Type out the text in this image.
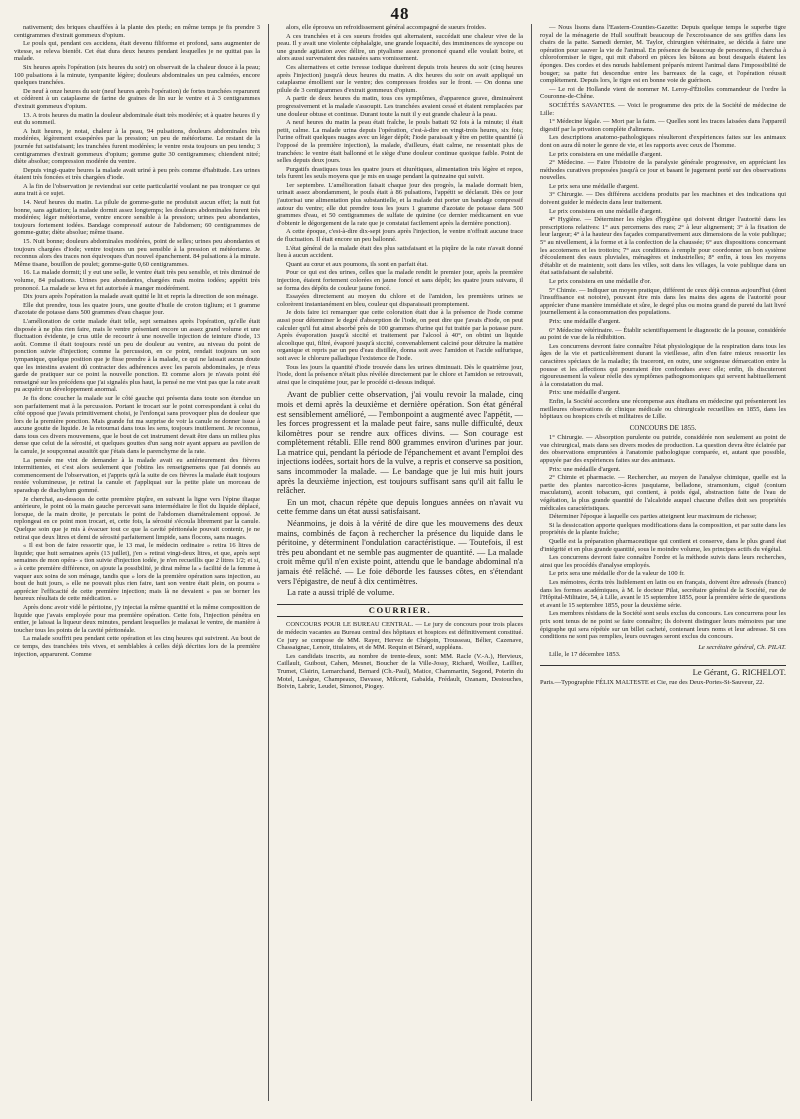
48

nativement; des briques chauffées à la plante des pieds; en même temps je fis prendre 3 centigrammes d'extrait gommeux d'opium.

Le pouls qui, pendant ces accidens, était devenu filiforme et profond, sans augmenter de vitesse, se releva bientôt. Cet état dura deux heures pendant lesquelles je ne quittai pas la malade.

Six heures après l'opération (six heures du soir) on observait de la chaleur douce à la peau; 100 pulsations à la minute, tympanite légère; douleurs abdominales un peu calmées, encore quelques tranchées.

De neuf à onze heures du soir (neuf heures après l'opération) de fortes tranchées reparurent et cédèrent à un cataplasme de farine de graines de lin sur le ventre et à 3 centigrammes d'extrait gommeux d'opium.

13. A trois heures du matin la douleur abdominale était très modérée; et à quatre heures il y eut du sommeil.

A huit heures, je notai, chaleur à la peau, 94 pulsations, douleurs abdominales très modérées, légèrement exaspérées par la pression; un peu de météorisme. Le restant de la journée fut satisfaisant; les tranchées furent modérées; le ventre resta toujours un peu tendu; 3 centigrammes d'extrait gommeux d'opium; gomme gutte 30 centigrammes; chiendent nitré; diète absolue; compression modérée du ventre.

Depuis vingt-quatre heures la malade avait uriné à peu près comme d'habitude. Les urines étaient très foncées et très chargées d'iode.

A la fin de l'observation je reviendrai sur cette particularité voulant ne pas tronquer ce qui aura trait à ce sujet.

14. Neuf heures du matin. La pilule de gomme-gutte ne produisit aucun effet; la nuit fut bonne, sans agitation; la malade dormit assez longtemps; les douleurs abdominales furent très modérées; léger météorisme, ventre encore sensible à la pression; urines peu abondantes, toujours fortement iodées. Bandage compressif autour de l'abdomen; 60 centigrammes de gomme-gutte; diète absolue; même tisane.

15. Nuit bonne; douleurs abdominales modérées, point de selles; urines peu abondantes et toujours chargées d'iode; ventre toujours un peu sensible à la pression et météorisme. Je reconnus alors des traces non équivoques d'un nouvel épanchement. 84 pulsations à la minute. Même tisane, bouillon de poulet; gomme-gutte 0,60 centigrammes.

16. La malade dormit; il y eut une selle, le ventre était très peu sensible, et très diminué de volume, 84 pulsations. Urines peu abondantes, chargées mais moins iodées; appétit très prononcé. La malade se leva et fut autorisée à manger modérément.

Dix jours après l'opération la malade avait quitté le lit et repris la direction de son ménage.

Elle dut prendre, tous les quatre jours, une goutte d'huile de croton tiglium; et 1 gramme d'azotate de potasse dans 500 grammes d'eau chaque jour.

L'amélioration de cette malade était telle, sept semaines après l'opération, qu'elle était disposée à ne plus rien faire, mais le ventre présentant encore un assez grand volume et une fluctuation évidente, je crus utile de recourir à une nouvelle injection de teinture d'iode, 13 août. Comme il était toujours resté un peu de douleur au ventre, au niveau du point de ponction suivie d'injection; comme la percussion, en ce point, rendait toujours un son tympanique, quelque position que je fisse prendre à la malade, ce qui ne laissait aucun doute que les intestins avaient dû contracter des adhérences avec les parois abdominales, je n'eus garde de pratiquer sur ce point la nouvelle ponction. Et comme alors je n'avais point été renseigné sur les précédens que j'ai signalés plus haut, la pensé ne me vint pas que la rate avait pu acquérir un développement anormal.

Je fis donc coucher la malade sur le côté gauche qui présenta dans toute son étendue un son parfaitement mat à la percussion. Portant le trocart sur le point correspondant à celui du côté opposé que j'avais primitivement choisi, je l'enfonçai sans provoquer plus de douleur que lors de la première ponction. Mais grande fut ma surprise de voir la canule ne donner issue à aucune goutte de liquide. Je la retournai dans tous les sens, toujours inutilement. Je reconnus, dans tous ces divers mouvemens, que le bout de cet instrument devait être dans un milieu plus dense que celui de la sérosité, et quelques gouttes d'un sang noir ayant apparu au pavillon de la canule, je soupçonnai aussitôt que j'étais dans le parenchyme de la rate.

La pensée me vint de demander à la malade avait eu antérieurement des fièvres intermittentes, et c'est alors seulement que j'obtins les renseignemens que j'ai donnés au commencement de l'observation, et j'appris qu'à la suite de ces fièvres la malade était toujours restée volumineuse, je retirai la canule et j'appliquai sur la petite plaie un morceau de sparadrap de diachylum gommé.

Je cherchai, au-dessous de cette première piqûre, en suivant la ligne vers l'épine iliaque antérieure, le point où la main gauche percevait sans intermédiaire le flot du liquide déplacé, lorsque, de la main droite, je percutais le point de l'abdomen diamétralement opposé. Je replongeai en ce point mon trocart, et, cette fois, la sérosité s'écoula librement par la canule. Quelque soin que je mis à évacuer tout ce que la cavité péritonéale pouvait contenir, je ne retirai que deux litres et demi de sérosité parfaitement limpide, sans flocons, sans nuages.

« Il est bon de faire ressortir que, le 13 mai, le médecin ordinaire » retira 16 litres de liquide; que huit semaines après (13 juillet), j'en » retirai vingt-deux litres, et que, après sept semaines de mon opéra- » tion suivie d'injection iodée, je n'en recueillis que 2 litres 1/2; et si, » à cette première différence, on ajoute la possibilité, je dirai même la » facilité de la femme à vaquer aux soins de son ménage, tandis que » lors de la première opération sans injection, au bout de huit jours, » elle ne pouvait plus rien faire, tant son ventre était plein, on pourra » apprécier l'efficacité de cette première injection; mais là ne devaient » pas se borner les heureux résultats de cette médication. »

Après donc avoir vidé le péritoine, j'y injectai la même quantité et la même composition de liquide que j'avais employée pour ma première opération. Cette fois, l'injection pénétra en entier, je laissai la liqueur deux minutes, pendant lesquelles je malaxai le ventre, de manière à toucher tous les points de la cavité péritonéale.

La malade souffrit peu pendant cette opération et les cinq heures qui suivirent. Au bout de ce temps, des tranchées très vives, et semblables à celles déjà décrites lors de la première injection, apparurent. Comme

alors, elle éprouva un refroidissement général accompagné de sueurs froides.

A ces tranchées et à ces sueurs froides qui alternaient, succédait une chaleur vive de la peau. Il y avait une violente céphalalgie, une grande loquacité, des imminences de syncope ou une grande agitation avec délire, un ptyalisme assez prononcé quand elle voulait boire, et alors aussi survenaient des nausées sans vomissement.

Ces alternatives et cette ivresse iodique durèrent depuis trois heures du soir (cinq heures après l'injection) jusqu'à deux heures du matin. A dix heures du soir on avait appliqué un cataplasme émollient sur le ventre; des compresses froides sur le front. — On donna une pilule de 3 centigrammes d'extrait gommeux d'opium.

A partir de deux heures du matin, tous ces symptômes, d'apparence grave, diminuèrent progressivement et la malade s'assoupit. Les tranchées avaient cessé et étaient remplacées par une douleur obtuse et continue. Durant toute la nuit il y eut grande chaleur à la peau.

A neuf heures du matin la peau était fraîche, le pouls battait 92 fois à la minute; il était petit, calme. La malade urina depuis l'opération, c'est-à-dire en vingt-trois heures, six fois; l'urine offrait quelques nuages avec un léger dépôt; l'iode paraissait y être en petite quantité (à l'opposé de la première injection), la malade, d'ailleurs, était calme, ne ressentait plus de tranchées: le ventre était ballonné et le siège d'une douleur continue quoique faible. Point de selles depuis deux jours.

Purgatifs drastiques tous les quatre jours et diurétiques, alimentation très légère et repos, tels furent les seuls moyens que je mis en usage pendant la quinzaine qui suivit.

1er septembre. L'amélioration faisait chaque jour des progrès, la malade dormait bien, urinait assez abondamment, le pouls était à 86 pulsations, l'appétit se déclarait. Dès ce jour j'autorisai une alimentation plus substantielle, et la malade dut porter un bandage compressif autour du ventre; elle dut prendre tous les jours 1 gramme d'azotate de potasse dans 500 grammes d'eau, et 50 centigrammes de sulfate de quinine (ce dernier médicament en vue d'obtenir le dégorgement de la rate que je constatai facilement après la dernière ponction).

A cette époque, c'est-à-dire dix-sept jours après l'injection, le ventre n'offrait aucune trace de fluctuation. Il était encore un peu ballonné.

L'état général de la malade était des plus satisfaisant et la piqûre de la rate n'avait donné lieu à aucun accident.

Quant au cœur et aux poumons, ils sont en parfait état.

Pour ce qui est des urines, celles que la malade rendit le premier jour, après la première injection, étaient fortement colorées en jaune foncé et sans dépôt; les quatre jours suivans, il se forma des dépôts de couleur jaune foncé.

Essayées directement au moyen du chlore et de l'amidon, les premières urines se colorèrent instantanément en bleu, couleur qui disparaissait promptement.

Je dois faire ici remarquer que cette coloration était due à la présence de l'iode comme aussi pour déterminer le degré d'absorption de l'iode, on peut dire que j'avais d'iode, on peut calculer qu'il fut ainsi absorbé près de 100 grammes d'urine qui fut traitée par la potasse pure. Après évaporation jusqu'à siccité et traitement par l'alcool à 40°, on obtint un liquide alcoolique qui, filtré, évaporé jusqu'à siccité, convenablement calciné pour détruire la matière organique et repris par un peu d'eau distillée, donna soit avec l'amidon et l'acide sulfurique, soit avec le chlorure palladique l'existence de l'iode.

Tous les jours la quantité d'iode trouvée dans les urines diminuait. Dès le quatrième jour, l'iode, dont la présence n'était plus révélée directement par le chlore et l'amidon se retrouvait, ainsi que le cinquième jour, par le procédé ci-dessus indiqué.

Avant de publier cette observation, j'ai voulu revoir la malade, cinq mois et demi après la deuxième et dernière opération. Son état général est sensiblement amélioré, — l'embonpoint a augmenté avec l'appétit, — les forces progressent et la malade peut faire, sans nulle difficulté, deux kilomètres pour se rendre aux offices divins. — Son courage est complètement rétabli. Elle rend 800 grammes environ d'urines par jour. La matrice qui, pendant la période de l'épanchement et avant l'emploi des injections iodées, sortait hors de la vulve, a repris et conserve sa position, sans incommoder la malade. — Le bandage que je lui mis huit jours après la deuxième injection, est toujours suffisant sans qu'il ait fallu le relâcher.

En un mot, chacun répète que depuis longues années on n'avait vu cette femme dans un état aussi satisfaisant.

Néanmoins, je dois à la vérité de dire que les mouvemens des deux mains, combinés de façon à rechercher la présence du liquide dans le péritoine, y déterminent l'ondulation caractéristique. — Toutefois, il est très peu abondant et ne semble pas augmenter de quantité. — La malade croit même qu'il n'en existe point, attendu que le bandage abdominal n'a jamais été relâché. — Le foie déborde les fausses côtes, en s'étendant vers l'épigastre, de neuf à dix centimètres.

La rate a aussi triplé de volume.

COURRIER.

CONCOURS POUR LE BUREAU CENTRAL. — Le jury de concours pour trois places de médecin vacantes au Bureau central des hôpitaux et hospices est définitivement constitué. Ce jury se compose de MM. Rayer, Hervez de Chégoin, Trousseau, Bélier, Cazenave, Chassaignac, Lenoir, titulaires, et de MM. Requin et Bérard, suppléans.

Les candidats inscrits, au nombre de trente-deux, sont: MM. Racle (V.-A.), Hervieux, Caillault, Guibout, Cahen, Mesnet, Boucher de la Ville-Jossy, Richard, Woillez, Laillier, Trumet, Clairin, Lemarchand, Bernard (Ch.-Paul), Matice, Chammartin, Segond, Poterin du Motel, Lasègue, Champeaux, Davasse, Milcent, Gabalda, Frédault, Ozanam, Destouches, Boivin, Labric, Leudet, Simonot, Piogey.

— Nous lisons dans l'Eastern-Counties-Gazette: Depuis quelque temps le superbe tigre royal de la ménagerie de Hull souffrait beaucoup de l'excroissance de ses griffes dans les chairs de la patte. Samedi dernier, M. Taylor, chirurgien vétérinaire, se décida à faire une opération pour sauver la vie de l'animal. En présence de beaucoup de personnes, il chercha à chloroformiser le tigre, qui mit d'abord en pièces les bâtons au bout desquels étaient les éponges. Des cordes et des nœuds habilement préparés mirent l'animal dans l'impossibilité de bouger; sa patte fut descendue entre les barreaux de la cage, et l'opération réussit complètement. Depuis lors, le tigre est en bonne voie de guérison.

— Le roi de Hollande vient de nommer M. Leroy-d'Étiolles commandeur de l'ordre la Couronne-de-Chêne.

SOCIÉTÉS SAVANTES. — Voici le programme des prix de la Société de médecine de Lille:

1° Médecine légale. — Mort par la faim. — Quelles sont les traces laissées dans l'appareil digestif par la privation complète d'alimens.

Les descriptions anatomo-pathologiques résulteront d'expériences faites sur les animaux dont on aura dû noter le genre de vie, et les rapports avec ceux de l'homme.

Le prix consistera en une médaille d'argent.

2° Médecine. — Faire l'histoire de la paralysie générale progressive, en appréciant les méthodes curatives proposées jusqu'à ce jour et basant le jugement porté sur des observations nouvelles.

Le prix sera une médaille d'argent.

3° Chirurgie. — Des différens accidens produits par les machines et des indications qui doivent guider le médecin dans leur traitement.

Le prix consistera en une médaille d'argent.

4° Hygiène. — Déterminer les règles d'hygiène qui doivent diriger l'autorité dans les prescriptions relatives: 1° aux percemens des rues; 2° à leur alignement; 3° à la fixation de leur largeur; 4° à la hauteur des façades comparativement aux dimensions de la voie publique; 5° au nivellement, à la forme et à la confection de la chaussée; 6° aux dispositions concernant les accotemens et les trottoirs; 7° aux conditions à remplir pour coordonner un bon système d'écoulement des eaux pluviales, ménagères et industrielles; 8° enfin, à tous les moyens d'établir et de maintenir, soit dans les villes, soit dans les villages, la voie publique dans un état satisfaisant de salubrité.

Le prix consistera en une médaille d'or.

5° Chimie. — Indiquer un moyen pratique, différent de ceux déjà connus aujourd'hui (dont l'insuffisance est notoire), pouvant être mis dans les mains des agens de l'autorité pour apprécier d'une manière immédiate et sûre, le degré plus ou moins grand de pureté du lait livré journellement à la consommation des populations.

Prix: une médaille d'argent.

6° Médecine vétérinaire. — Établir scientifiquement le diagnostic de la pousse, considérée au point de vue de la rédhibition.

Les concurrens devront faire connaître l'état physiologique de la respiration dans tous les âges de la vie et particulièrement durant la vieillesse, afin d'en faire mieux ressortir les caractères spéciaux de la maladie; ils traceront, en outre, une soigneuse démarcation entre la pousse et les affections qui pourraient être confondues avec elle; enfin, ils discuteront rigoureusement la valeur réelle des symptômes pathognomoniques qui servent habituellement à la constatation du mal.

Prix: une médaille d'argent.

Enfin, la Société accordera une récompense aux étudians en médecine qui présenteront les meilleures observations de clinique médicale ou chirurgicale recueillies en 1855, dans les hôpitaux ou hospices civils et militaires de Lille.

CONCOURS DE 1855.

1° Chirurgie. — Absorption purulente ou putride, considérée non seulement au point de vue chirurgical, mais dans ses divers modes de production. La question devra être éclairée par des observations empruntées à l'anatomie pathologique comparée, et, autant que possible, appuyée par des expériences faites sur des animaux.

Prix: une médaille d'argent.

2° Chimie et pharmacie. — Rechercher, au moyen de l'analyse chimique, quelle est la partie des plantes narcotico-âcres jusquiame, belladone, stramonium, ciguë (conium maculatum), aconit tobacum, qui contient, à poids égal, abstraction faite de l'eau de végétation, la plus grande quantité de l'alcaloïde auquel chacune d'elles doit ses propriétés médicales caractéristiques.

Déterminer l'époque à laquelle ces parties atteignent leur maximum de richesse;

Si la dessiccation apporte quelques modifications dans la composition, et par suite dans les propriétés de la plante fraîche;

Quelle est la préparation pharmaceutique qui contient et conserve, dans le plus grand état d'intégrité et en plus grande quantité, sous le moindre volume, les principes actifs du végétal.

Les concurrens devront faire connaître l'ordre et la méthode suivis dans leurs recherches, ainsi que les procédés d'analyse employés.

Le prix sera une médaille d'or de la valeur de 100 fr.

Les mémoires, écrits très lisiblement en latin ou en français, doivent être adressés (franco) dans les formes académiques, à M. le docteur Pilat, secrétaire général de la Société, rue de l'Hôpital-Militaire, 54, à Lille, avant le 15 septembre 1855, pour la première série de questions et avant le 15 septembre 1855, pour la deuxième série.

Les membres résidans de la Société sont seuls exclus du concours. Les concurrens pour les prix sont tenus de ne point se faire connaître; ils doivent distinguer leurs mémoires par une épigraphe qui sera répétée sur un billet cacheté, contenant leurs noms et leur adresse. Si ces conditions ne sont pas remplies, leurs ouvrages seront exclus du concours.

Le secrétaire général, Ch. PILAT.

Lille, le 17 décembre 1853.

Le Gérant, G. RICHELOT.
Paris.—Typographie FÉLIX MALTESTE et Cie, rue des Deux-Portes-St-Sauveur, 22.
